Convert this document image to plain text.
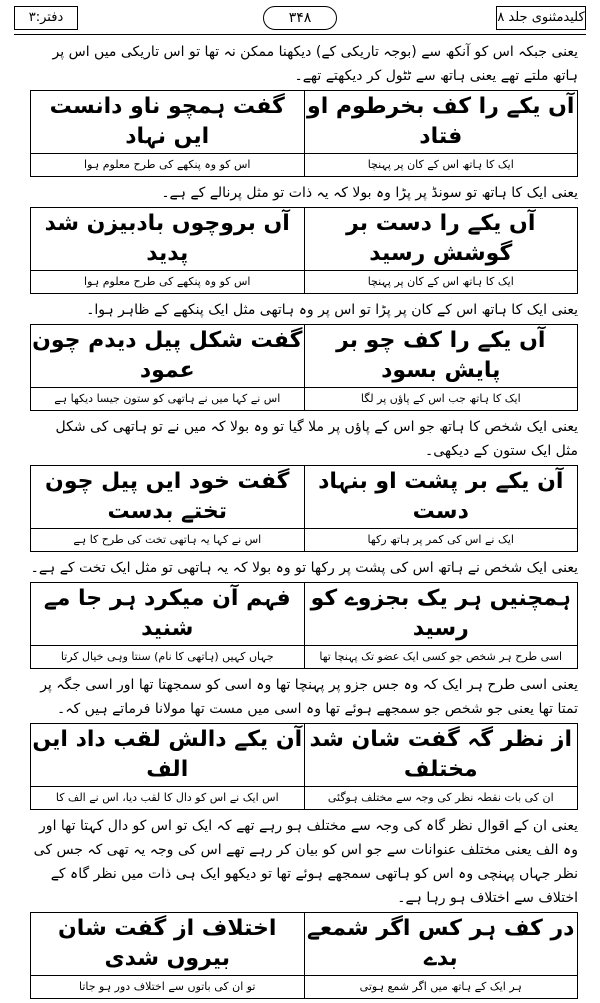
دفتر:۳	۳۴۸	کلیدمثنوی جلد ۸

یعنی جبکہ اس کو آنکھ سے (بوجہ تاریکی کے) دیکھنا ممکن نہ تھا تو اس تاریکی میں اس پر ہاتھ ملتے تھے یعنی ہاتھ سے ٹٹول کر دیکھتے تھے۔

آں یکے را کف بخرطوم او فتاد	گفت ہمچو ناو دانست ایں نہاد
ایک کا ہاتھ اس کے کان پر پہنچا	اس کو وہ پنکھے کی طرح معلوم ہوا

یعنی ایک کا ہاتھ تو سونڈ پر پڑا وہ بولا کہ یہ ذات تو مثل پرنالے کے ہے۔

آں یکے را دست بر گوشش رسید	آں بروچوں بادبیزن شد پدید
ایک کا ہاتھ اس کے کان پر پہنچا	اس کو وہ پنکھے کی طرح معلوم ہوا

یعنی ایک کا ہاتھ اس کے کان پر پڑا تو اس پر وہ ہاتھی مثل ایک پنکھے کے ظاہر ہوا۔

آں یکے را کف چو بر پایش بسود	گفت شکل پیل دیدم چون عمود
ایک کا ہاتھ جب اس کے پاؤں پر لگا	اس نے کہا میں نے ہاتھی کو ستون جیسا دیکھا ہے

یعنی ایک شخص کا ہاتھ جو اس کے پاؤں پر ملا گیا تو وہ بولا کہ میں نے تو ہاتھی کی شکل مثل ایک ستون کے دیکھی۔

آن یکے بر پشت او بنہاد دست	گفت خود ایں پیل چون تختے بدست
ایک نے اس کی کمر پر ہاتھ رکھا	اس نے کہا یہ ہاتھی تخت کی طرح کا ہے

یعنی ایک شخص نے ہاتھ اس کی پشت پر رکھا تو وہ بولا کہ یہ ہاتھی تو مثل ایک تخت کے ہے۔

ہمچنیں ہر یک بجزوے کو رسید	فہم آن میکرد ہر جا مے شنید
اسی طرح ہر شخص جو کسی ایک عضو تک پہنچا تھا	جہاں کہیں (ہاتھی کا نام) سنتا وہی خیال کرتا

یعنی اسی طرح ہر ایک کہ وہ جس جزو پر پہنچا تھا وہ اسی کو سمجھتا تھا اور اسی جگہ پر تمتا تھا یعنی جو شخص جو سمجھے ہوئے تھا وہ اسی میں مست تھا مولانا فرماتے ہیں کہ۔

از نظر گہ گفت شان شد مختلف	آن یکے دالش لقب داد ایں الف
ان کی بات نقطہ نظر کی وجہ سے مختلف ہوگئی	اس ایک نے اس کو دال کا لقب دیا، اس نے الف کا

یعنی ان کے اقوال نظر گاہ کی وجہ سے مختلف ہو رہے تھے کہ ایک تو اس کو دال کہتا تھا اور وہ الف یعنی مختلف عنوانات سے جو اس کو بیان کر رہے تھے اس کی وجہ یہ تھی کہ جس کی نظر جہاں پہنچی وہ اس کو ہاتھی سمجھے ہوئے تھا تو دیکھو ایک ہی ذات میں نظر گاہ کے اختلاف سے اختلاف ہو رہا ہے۔

در کف ہر کس اگر شمعے بدے	اختلاف از گفت شان بیروں شدی
ہر ایک کے ہاتھ میں اگر شمع ہوتی	تو ان کی باتوں سے اختلاف دور ہو جاتا
